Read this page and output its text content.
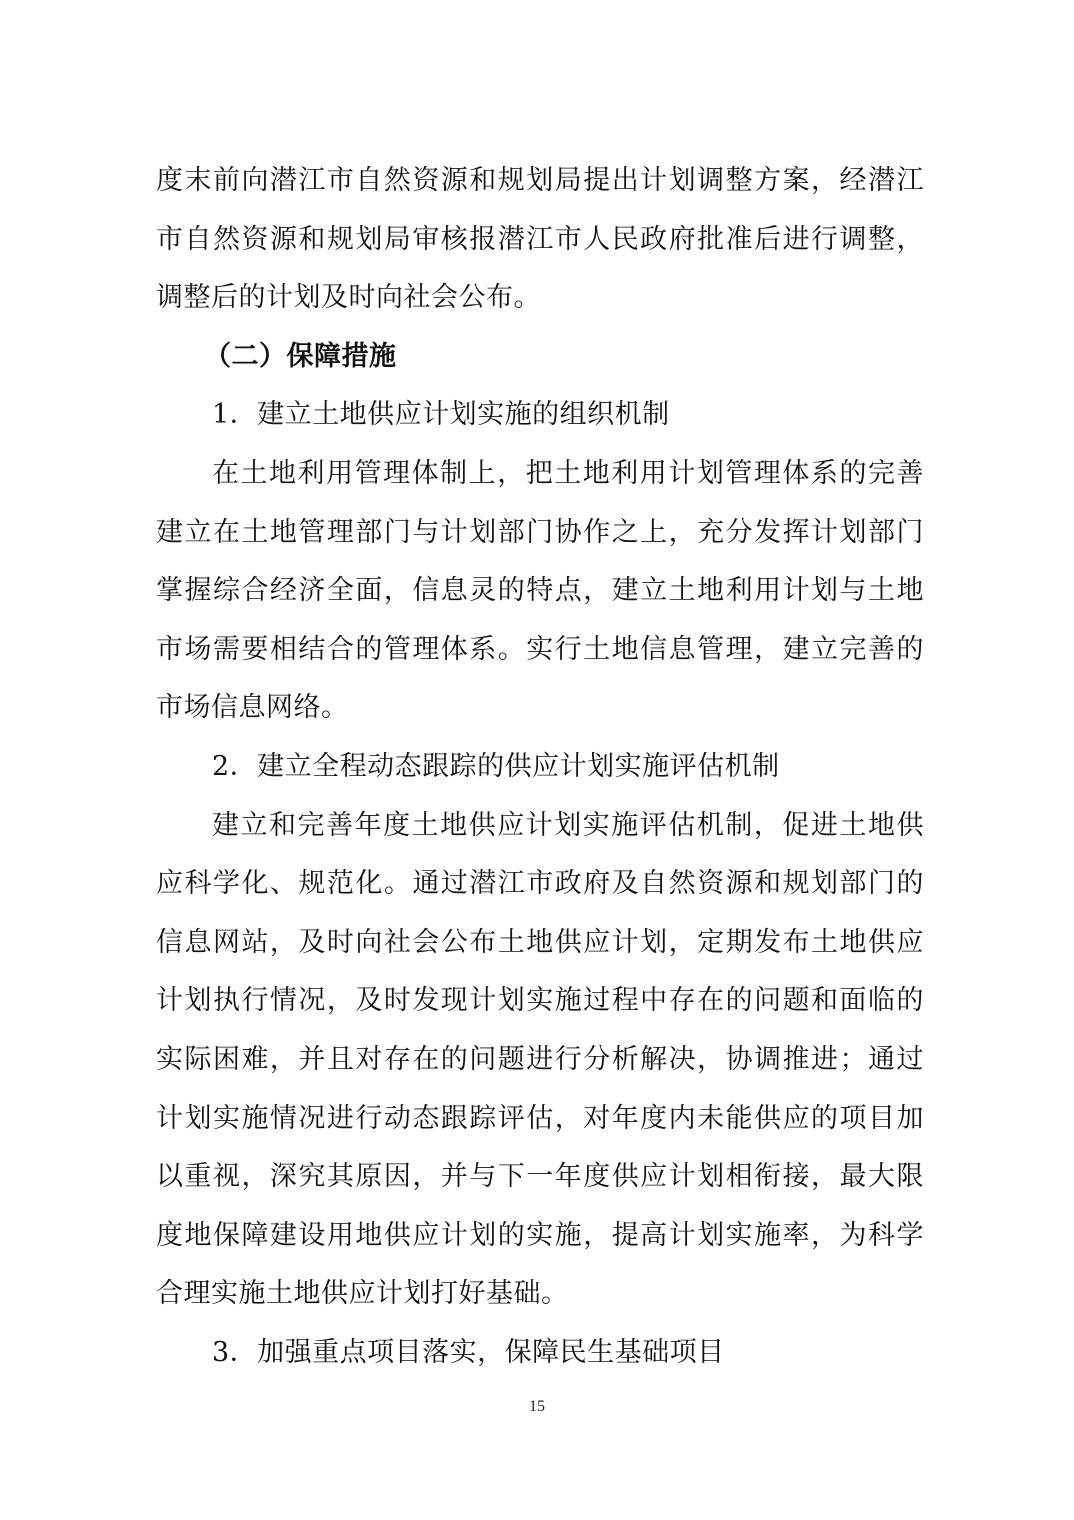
度末前向潜江市自然资源和规划局提出计划调整方案，经潜江市自然资源和规划局审核报潜江市人民政府批准后进行调整，调整后的计划及时向社会公布。

（二）保障措施

1．建立土地供应计划实施的组织机制

在土地利用管理体制上，把土地利用计划管理体系的完善建立在土地管理部门与计划部门协作之上，充分发挥计划部门掌握综合经济全面，信息灵的特点，建立土地利用计划与土地市场需要相结合的管理体系。实行土地信息管理，建立完善的市场信息网络。

2．建立全程动态跟踪的供应计划实施评估机制

建立和完善年度土地供应计划实施评估机制，促进土地供应科学化、规范化。通过潜江市政府及自然资源和规划部门的信息网站，及时向社会公布土地供应计划，定期发布土地供应计划执行情况，及时发现计划实施过程中存在的问题和面临的实际困难，并且对存在的问题进行分析解决，协调推进；通过计划实施情况进行动态跟踪评估，对年度内未能供应的项目加以重视，深究其原因，并与下一年度供应计划相衔接，最大限度地保障建设用地供应计划的实施，提高计划实施率，为科学合理实施土地供应计划打好基础。

3．加强重点项目落实，保障民生基础项目

15
